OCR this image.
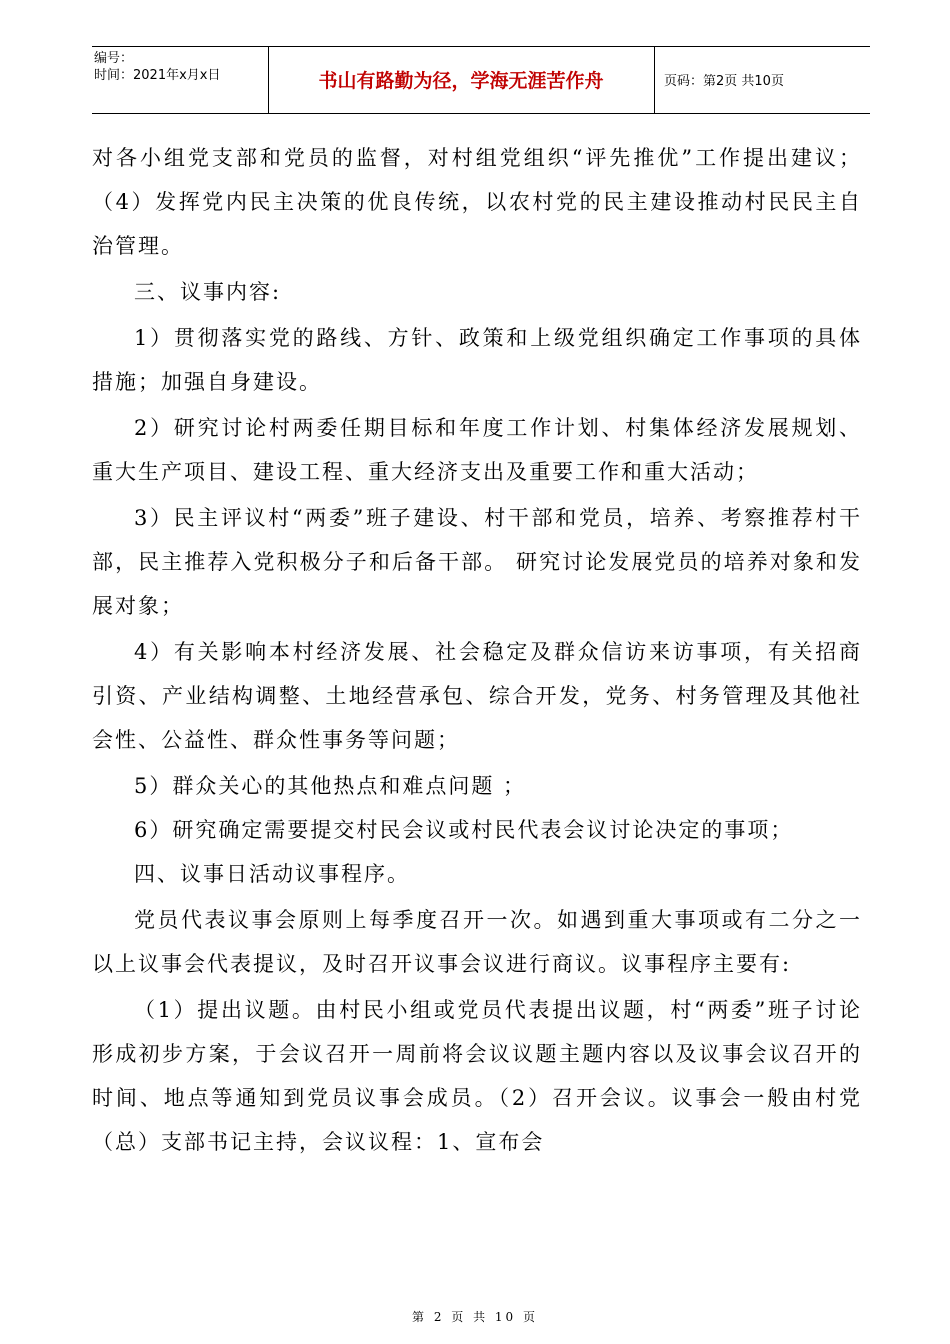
编号：
时间：2021年x月x日	书山有路勤为径，学海无涯苦作舟	页码：第2页 共10页

对各小组党支部和党员的监督，对村组党组织“评先推优”工作提出建议；（4）发挥党内民主决策的优良传统，以农村党的民主建设推动村民民主自治管理。

三、议事内容:

1）贯彻落实党的路线、方针、政策和上级党组织确定工作事项的具体措施；加强自身建设。

2）研究讨论村两委任期目标和年度工作计划、村集体经济发展规划、重大生产项目、建设工程、重大经济支出及重要工作和重大活动；

3）民主评议村“两委”班子建设、村干部和党员，培养、考察推荐村干部，民主推荐入党积极分子和后备干部。 研究讨论发展党员的培养对象和发展对象；

4）有关影响本村经济发展、社会稳定及群众信访来访事项，有关招商引资、产业结构调整、土地经营承包、综合开发，党务、村务管理及其他社会性、公益性、群众性事务等问题；

5）群众关心的其他热点和难点问题 ；

6）研究确定需要提交村民会议或村民代表会议讨论决定的事项；

四、议事日活动议事程序。

党员代表议事会原则上每季度召开一次。如遇到重大事项或有二分之一以上议事会代表提议，及时召开议事会议进行商议。议事程序主要有:

（1）提出议题。由村民小组或党员代表提出议题，村“两委”班子讨论形成初步方案，于会议召开一周前将会议议题主题内容以及议事会议召开的时间、地点等通知到党员议事会成员。（2）召开会议。议事会一般由村党（总）支部书记主持，会议议程：1、宣布会

第 2 页 共 10 页
